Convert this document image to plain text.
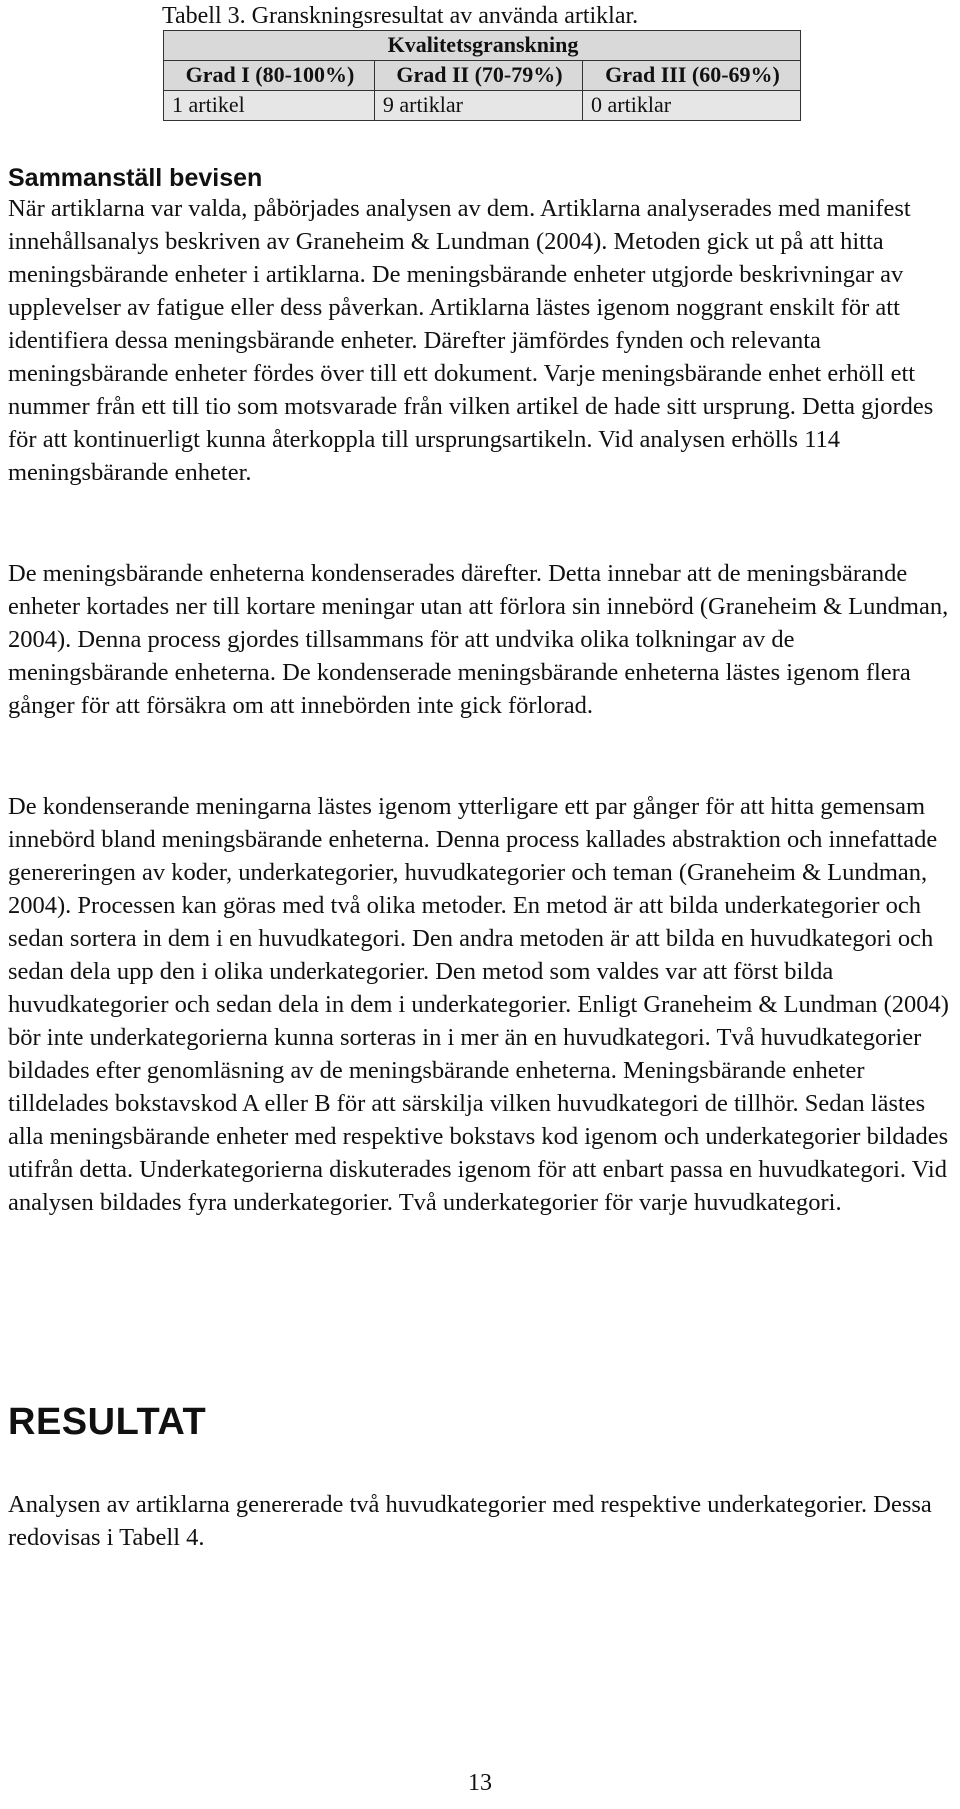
Tabell 3. Granskningsresultat av använda artiklar.
Kvalitetsgranskning		
Grad I (80-100%)	Grad II (70-79%)	Grad III (60-69%)
1 artikel	9 artiklar	0 artiklar
Sammanställ bevisen

När artiklarna var valda, påbörjades analysen av dem. Artiklarna analyserades med manifest innehållsanalys beskriven av Graneheim & Lundman (2004). Metoden gick ut på att hitta meningsbärande enheter i artiklarna. De meningsbärande enheter utgjorde beskrivningar av upplevelser av fatigue eller dess påverkan. Artiklarna lästes igenom noggrant enskilt för att identifiera dessa meningsbärande enheter. Därefter jämfördes fynden och relevanta meningsbärande enheter fördes över till ett dokument. Varje meningsbärande enhet erhöll ett nummer från ett till tio som motsvarade från vilken artikel de hade sitt ursprung. Detta gjordes för att kontinuerligt kunna återkoppla till ursprungsartikeln. Vid analysen erhölls 114 meningsbärande enheter.

De meningsbärande enheterna kondenserades därefter. Detta innebar att de meningsbärande enheter kortades ner till kortare meningar utan att förlora sin innebörd (Graneheim & Lundman, 2004). Denna process gjordes tillsammans för att undvika olika tolkningar av de meningsbärande enheterna. De kondenserade meningsbärande enheterna lästes igenom flera gånger för att försäkra om att innebörden inte gick förlorad.

De kondenserande meningarna lästes igenom ytterligare ett par gånger för att hitta gemensam innebörd bland meningsbärande enheterna. Denna process kallades abstraktion och innefattade genereringen av koder, underkategorier, huvudkategorier och teman (Graneheim & Lundman, 2004). Processen kan göras med två olika metoder. En metod är att bilda underkategorier och sedan sortera in dem i en huvudkategori. Den andra metoden är att bilda en huvudkategori och sedan dela upp den i olika underkategorier. Den metod som valdes var att först bilda huvudkategorier och sedan dela in dem i underkategorier. Enligt Graneheim & Lundman (2004) bör inte underkategorierna kunna sorteras in i mer än en huvudkategori. Två huvudkategorier bildades efter genomläsning av de meningsbärande enheterna. Meningsbärande enheter tilldelades bokstavskod A eller B för att särskilja vilken huvudkategori de tillhör. Sedan lästes alla meningsbärande enheter med respektive bokstavs kod igenom och underkategorier bildades utifrån detta. Underkategorierna diskuterades igenom för att enbart passa en huvudkategori. Vid analysen bildades fyra underkategorier. Två underkategorier för varje huvudkategori.

RESULTAT

Analysen av artiklarna genererade två huvudkategorier med respektive underkategorier. Dessa redovisas i Tabell 4.

13
